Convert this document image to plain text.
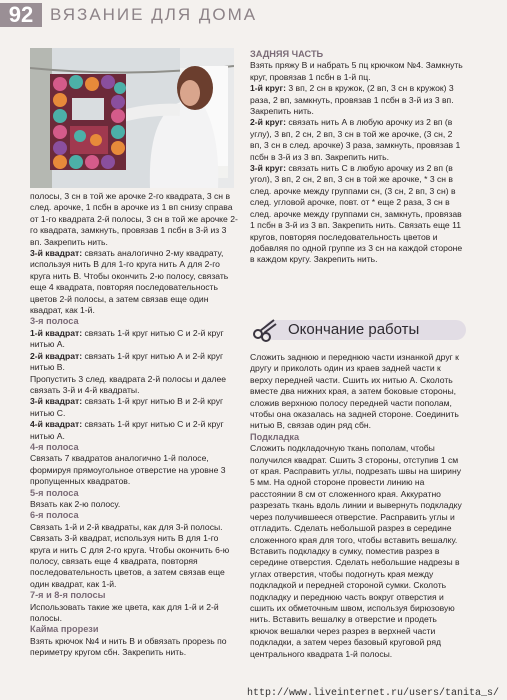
92 ВЯЗАНИЕ ДЛЯ ДОМА

полосы, 3 сн в той же арочке 2-го квадрата, 3 сн в след. арочке, 1 псбн в арочке из 1 вп снизу справа от 1-го квадрата 2-й полосы, 3 сн в той же арочке 2-го квадрата, замкнуть, провязав 1 псбн в 3-й из 3 вп. Закрепить нить.

3-й квадрат: связать аналогично 2-му квадрату, используя нить В для 1-го круга нить А для 2-го круга нить В. Чтобы окончить 2-ю полосу, связать еще 4 квадрата, повторяя последовательность цветов 2-й полосы, а затем связав еще один квадрат, как 1-й.

3-я полоса

1-й квадрат: связать 1-й круг нитью С и 2-й круг нитью А.

2-й квадрат: связать 1-й круг нитью А и 2-й круг нитью В.

Пропустить 3 след. квадрата 2-й полосы и далее связать 3-й и 4-й квадраты.

3-й квадрат: связать 1-й круг нитью В и 2-й круг нитью С.

4-й квадрат: связать 1-й круг нитью С и 2-й круг нитью А.

4-я полоса

Связать 7 квадратов аналогично 1-й полосе, формируя прямоугольное отверстие на уровне 3 пропущенных квадратов.

5-я полоса

Вязать как 2-ю полосу.

6-я полоса

Связать 1-й и 2-й квадраты, как для 3-й полосы. Связать 3-й квадрат, используя нить В для 1-го круга и нить С для 2-го круга. Чтобы окончить 6-ю полосу, связать еще 4 квадрата, повторяя последовательность цветов, а затем связав еще один квадрат, как 1-й.

7-я и 8-я полосы

Использовать такие же цвета, как для 1-й и 2-й полосы.

Кайма прорези

Взять крючок №4 и нить В и обвязать прорезь по периметру кругом сбн. Закрепить нить.

ЗАДНЯЯ ЧАСТЬ

Взять пряжу В и набрать 5 пц крючком №4. Замкнуть круг, провязав 1 псбн в 1-й пц.

1-й круг: 3 вп, 2 сн в кружок, (2 вп, 3 сн в кружок) 3 раза, 2 вп, замкнуть, провязав 1 псбн в 3-й из 3 вп. Закрепить нить.

2-й круг: связать нить А в любую арочку из 2 вп (в углу), 3 вп, 2 сн, 2 вп, 3 сн в той же арочке, (3 сн, 2 вп, 3 сн в след. арочке) 3 раза, замкнуть, провязав 1 псбн в 3-й из 3 вп. Закрепить нить.

3-й круг: связать нить С в любую арочку из 2 вп (в угол), 3 вп, 2 сн, 2 вп, 3 сн в той же арочке, * 3 сн в след. арочке между группами сн, (3 сн, 2 вп, 3 сн) в след. угловой арочке, повт. от * еще 2 раза, 3 сн в след. арочке между группами сн, замкнуть, провязав 1 псбн в 3-й из 3 вп. Закрепить нить. Связать еще 11 кругов, повторяя последовательность цветов и добавляя по одной группе из 3 сн на каждой стороне в каждом кругу. Закрепить нить.

Окончание работы

Сложить заднюю и переднюю части изнанкой друг к другу и приколоть один из краев задней части к верху передней части. Сшить их нитью А. Сколоть вместе два нижних края, а затем боковые стороны, сложив верхнюю полосу передней части пополам, чтобы она оказалась на задней стороне. Соединить нитью В, связав один ряд сбн.

Подкладка

Сложить подкладочную ткань пополам, чтобы получился квадрат. Сшить 3 стороны, отступив 1 см от края. Расправить углы, подрезать швы на ширину 5 мм. На одной стороне провести линию на расстоянии 8 см от сложенного края. Аккуратно разрезать ткань вдоль линии и вывернуть подкладку через получившееся отверстие. Расправить углы и отгладить. Сделать небольшой разрез в середине сложенного края для того, чтобы вставить вешалку. Вставить подкладку в сумку, поместив разрез в середине отверстия. Сделать небольшие надрезы в углах отверстия, чтобы подогнуть края между подкладкой и передней стороной сумки. Сколоть подкладку и переднюю часть вокруг отверстия и сшить их обметочным швом, используя бирюзовую нить. Вставить вешалку в отверстие и продеть крючок вешалки через разрез в верхней части подкладки, а затем через базовый круговой ряд центрального квадрата 1-й полосы.

http://www.liveinternet.ru/users/tanita_s/
